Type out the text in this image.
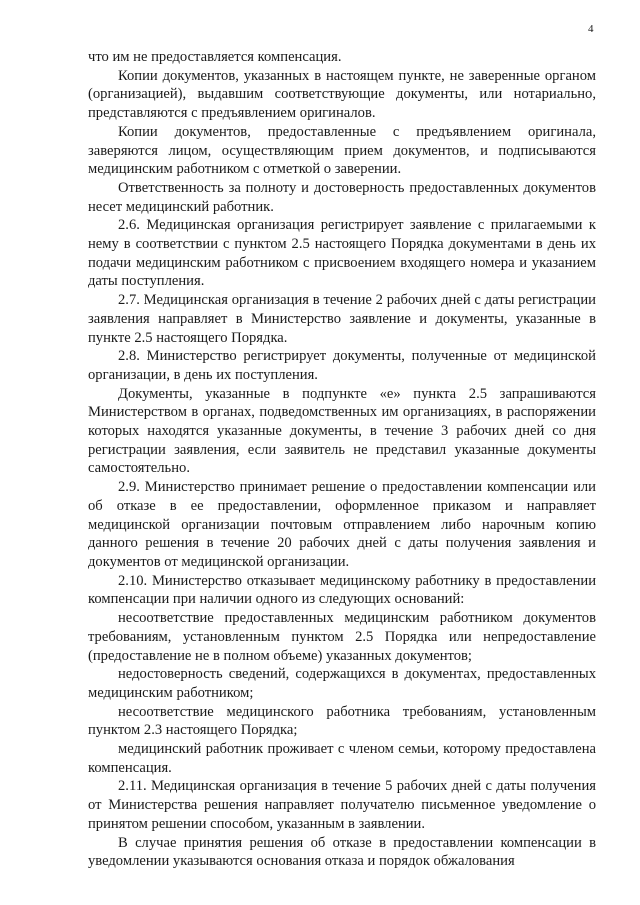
4

что им не предоставляется компенсация.

Копии документов, указанных в настоящем пункте, не заверенные органом (организацией), выдавшим соответствующие документы, или нотариально, представляются с предъявлением оригиналов.

Копии документов, предоставленные с предъявлением оригинала, заверяются лицом, осуществляющим прием документов, и подписываются медицинским работником с отметкой о заверении.

Ответственность за полноту и достоверность предоставленных документов несет медицинский работник.

2.6. Медицинская организация регистрирует заявление с прилагаемыми к нему в соответствии с пунктом 2.5 настоящего Порядка документами в день их подачи медицинским работником с присвоением входящего номера и указанием даты поступления.

2.7. Медицинская организация в течение 2 рабочих дней с даты регистрации заявления направляет в Министерство заявление и документы, указанные в пункте 2.5 настоящего Порядка.

2.8. Министерство регистрирует документы, полученные от медицинской организации, в день их поступления.

Документы, указанные в подпункте «е» пункта 2.5 запрашиваются Министерством в органах, подведомственных им организациях, в распоряжении которых находятся указанные документы, в течение 3 рабочих дней со дня регистрации заявления, если заявитель не представил указанные документы самостоятельно.

2.9. Министерство принимает решение о предоставлении компенсации или об отказе в ее предоставлении, оформленное приказом и направляет медицинской организации почтовым отправлением либо нарочным копию данного решения в течение 20 рабочих дней с даты получения заявления и документов от медицинской организации.

2.10. Министерство отказывает медицинскому работнику в предоставлении компенсации при наличии одного из следующих оснований:

несоответствие предоставленных медицинским работником документов требованиям, установленным пунктом 2.5 Порядка или непредоставление (предоставление не в полном объеме) указанных документов;

недостоверность сведений, содержащихся в документах, предоставленных медицинским работником;

несоответствие медицинского работника требованиям, установленным пунктом 2.3 настоящего Порядка;

медицинский работник проживает с членом семьи, которому предоставлена компенсация.

2.11. Медицинская организация в течение 5 рабочих дней с даты получения от Министерства решения направляет получателю письменное уведомление о принятом решении способом, указанным в заявлении.

В случае принятия решения об отказе в предоставлении компенсации в уведомлении указываются основания отказа и порядок обжалования
